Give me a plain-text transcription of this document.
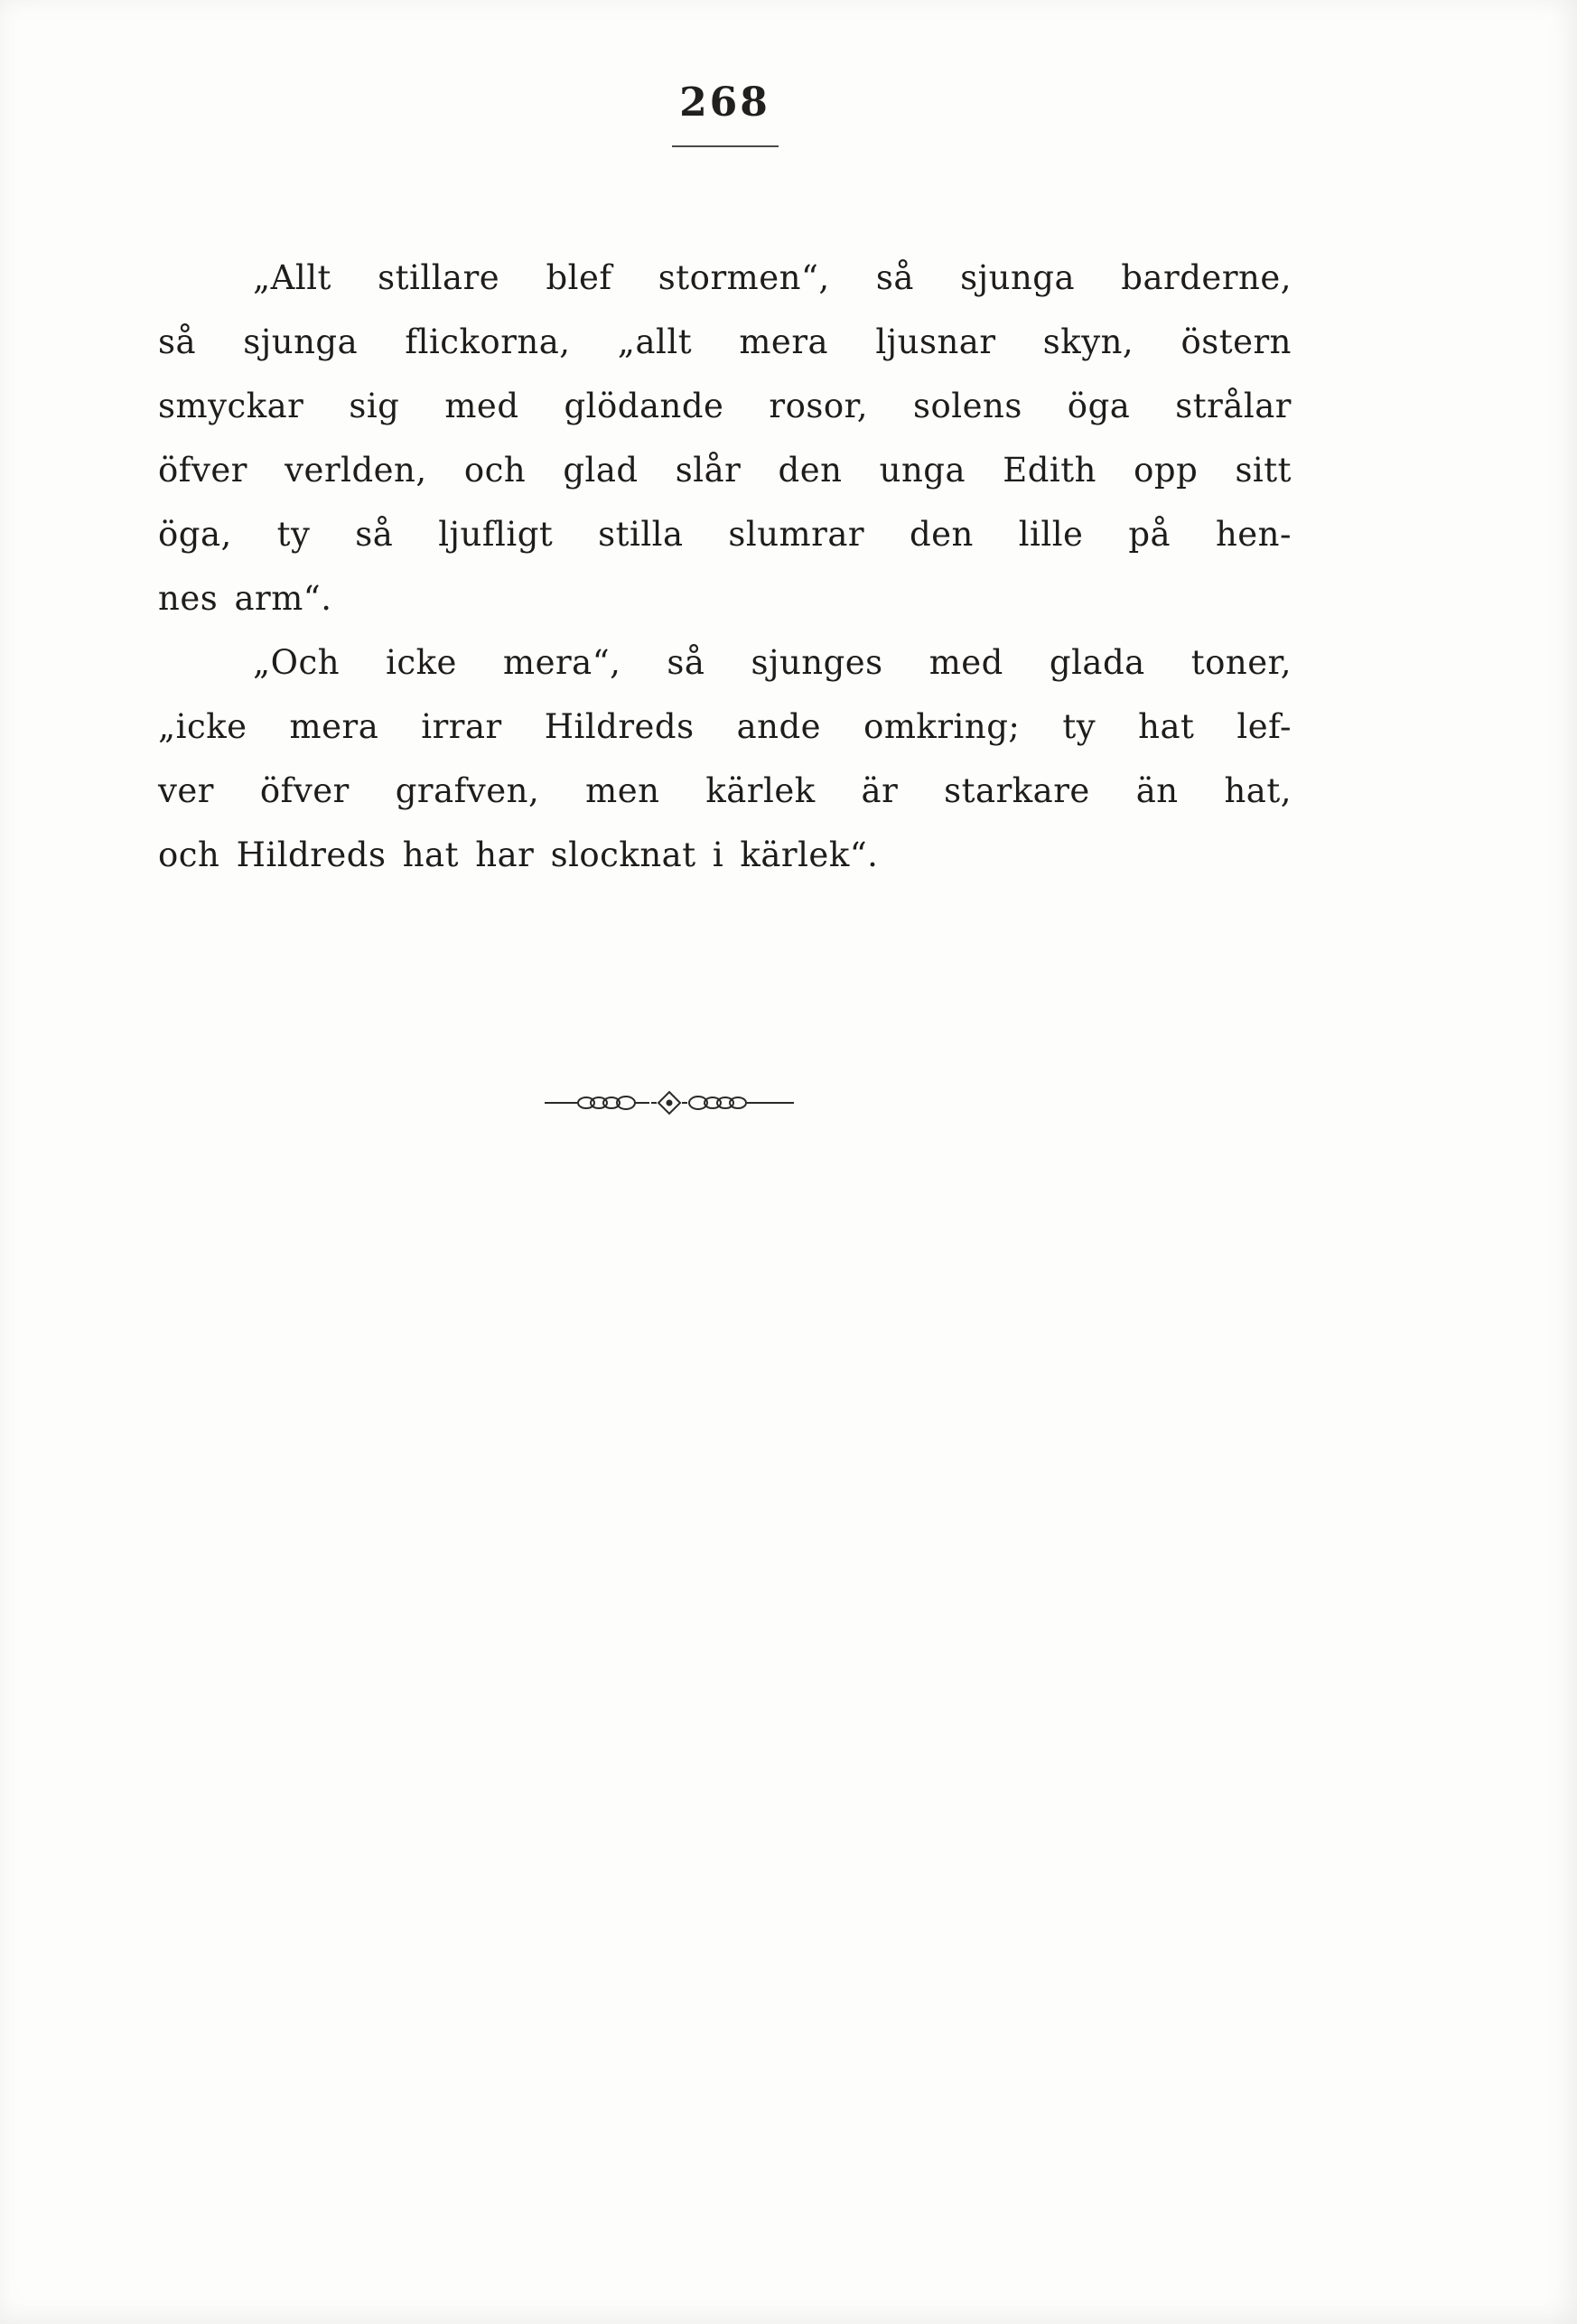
268
„Allt stillare blef stormen“, så sjunga barderne,
så sjunga flickorna, „allt mera ljusnar skyn, östern
smyckar sig med glödande rosor, solens öga strålar
öfver verlden, och glad slår den unga Edith opp sitt
öga, ty så ljufligt stilla slumrar den lille på hen-
nes arm“.
„Och icke mera“, så sjunges med glada toner,
„icke mera irrar Hildreds ande omkring; ty hat lef-
ver öfver grafven, men kärlek är starkare än hat,
och Hildreds hat har slocknat i kärlek“.
